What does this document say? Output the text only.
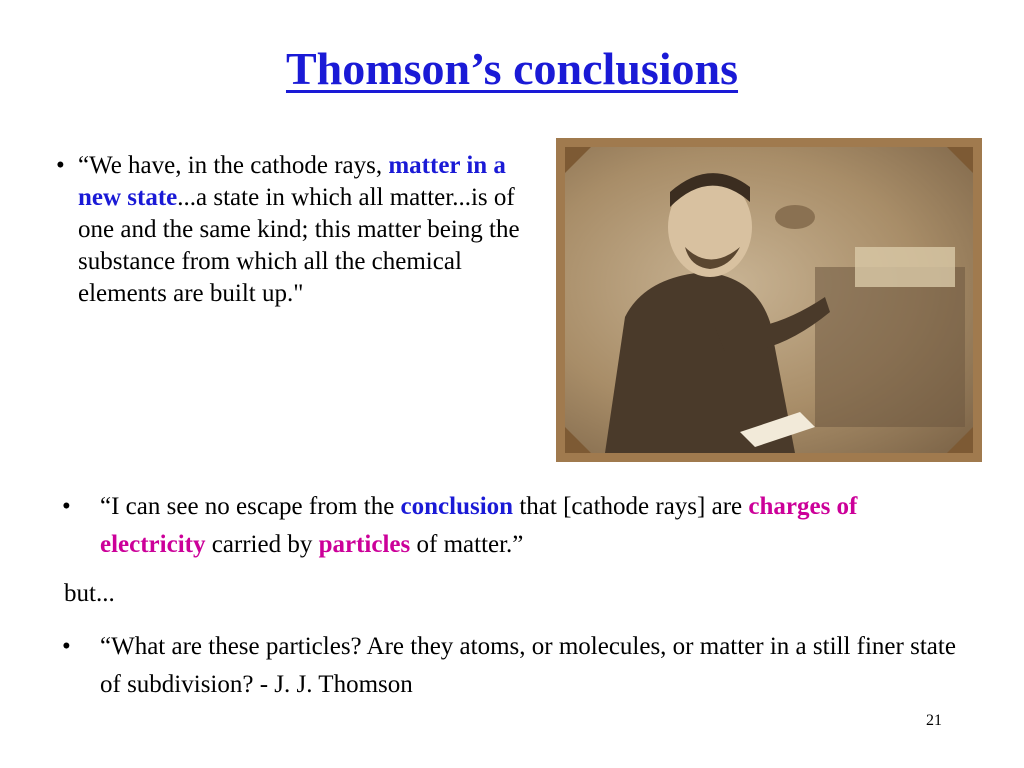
Thomson’s conclusions
• “We have, in the cathode rays, matter in a new state...a state in which all matter...is of one and the same kind; this matter being the substance from which all the chemical elements are built up."
• “I can see no escape from the conclusion that [cathode rays] are charges of electricity carried by particles of matter.”
but...
• “What are these particles? Are they atoms, or molecules, or matter in a still finer state of subdivision? - J. J. Thomson
21
